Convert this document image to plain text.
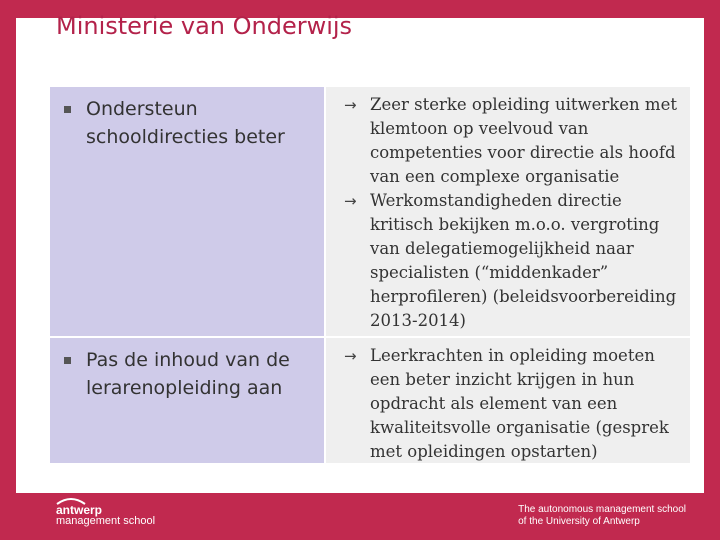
Ministerie van Onderwijs
Ondersteun schooldirecties beter
→ Zeer sterke opleiding uitwerken met klemtoon op veelvoud van competenties voor directie als hoofd van een complexe organisatie
→ Werkomstandigheden directie kritisch bekijken m.o.o. vergroting van delegatiemogelijkheid naar specialisten (“middenkader” herprofileren) (beleidsvoorbereiding 2013-2014)
Pas de inhoud van de lerarenopleiding aan
→ Leerkrachten in opleiding moeten een beter inzicht krijgen in hun opdracht als element van een kwaliteitsvolle organisatie (gesprek met opleidingen opstarten)
antwerp
management school
The autonomous management school
of the University of Antwerp
